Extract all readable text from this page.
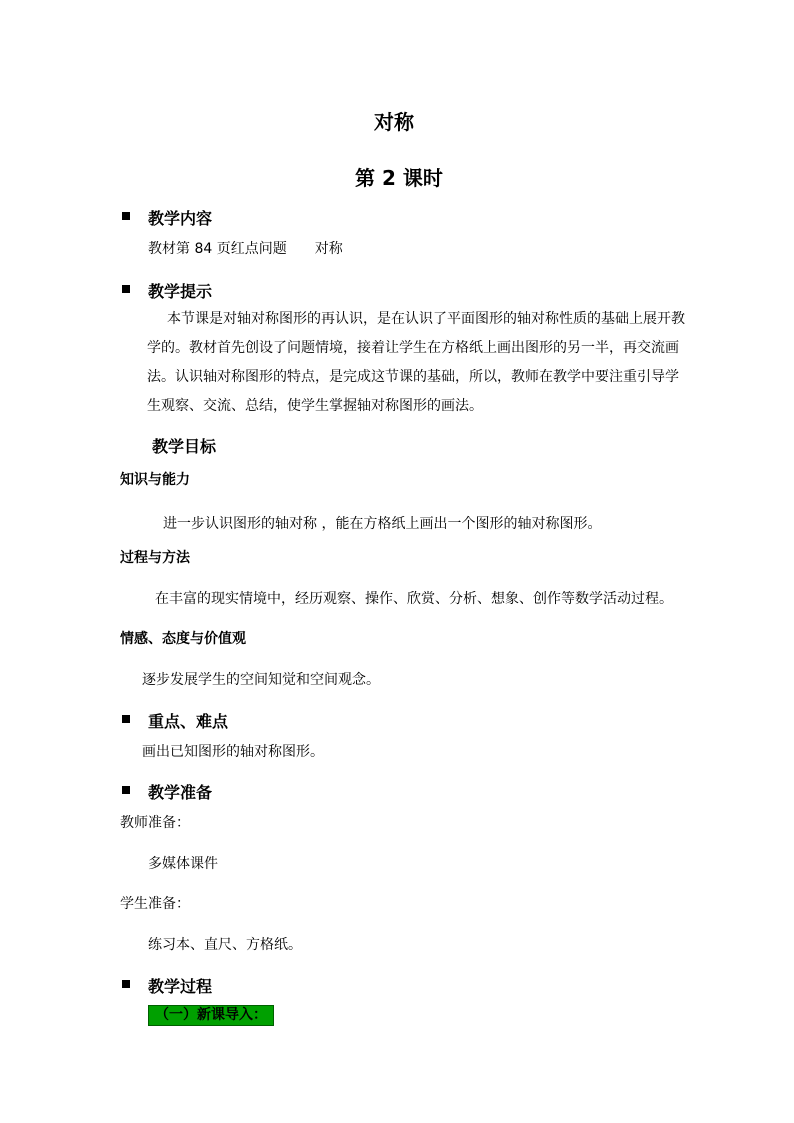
对称
第 2 课时
教学内容
教材第 84 页红点问题　　对称
教学提示
本节课是对轴对称图形的再认识，是在认识了平面图形的轴对称性质的基础上展开教学的。教材首先创设了问题情境，接着让学生在方格纸上画出图形的另一半，再交流画法。认识轴对称图形的特点，是完成这节课的基础，所以，教师在教学中要注重引导学生观察、交流、总结，使学生掌握轴对称图形的画法。
教学目标
知识与能力
进一步认识图形的轴对称 ，能在方格纸上画出一个图形的轴对称图形。
过程与方法
在丰富的现实情境中，经历观察、操作、欣赏、分析、想象、创作等数学活动过程。
情感、态度与价值观
逐步发展学生的空间知觉和空间观念。
重点、难点
画出已知图形的轴对称图形。
教学准备
教师准备：
多媒体课件
学生准备：
练习本、直尺、方格纸。
教学过程
（一）新课导入：
